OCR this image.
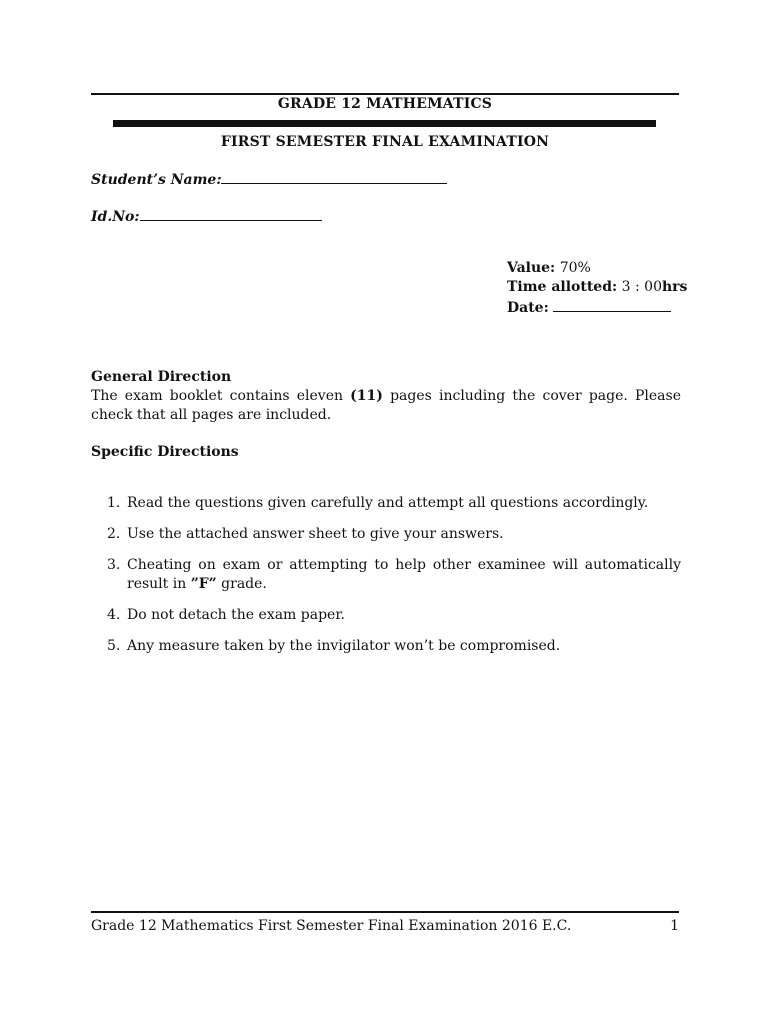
GRADE 12 MATHEMATICS
FIRST SEMESTER FINAL EXAMINATION
Student’s Name:
Id.No:
Value: 70%
Time allotted: 3 : 00hrs
Date:
General Direction
The exam booklet contains eleven (11) pages including the cover page. Please check that all pages are included.
Specific Directions
1. Read the questions given carefully and attempt all questions accordingly.
2. Use the attached answer sheet to give your answers.
3. Cheating on exam or attempting to help other examinee will automatically result in ”F” grade.
4. Do not detach the exam paper.
5. Any measure taken by the invigilator won’t be compromised.
Grade 12 Mathematics First Semester Final Examination 2016 E.C.	1
